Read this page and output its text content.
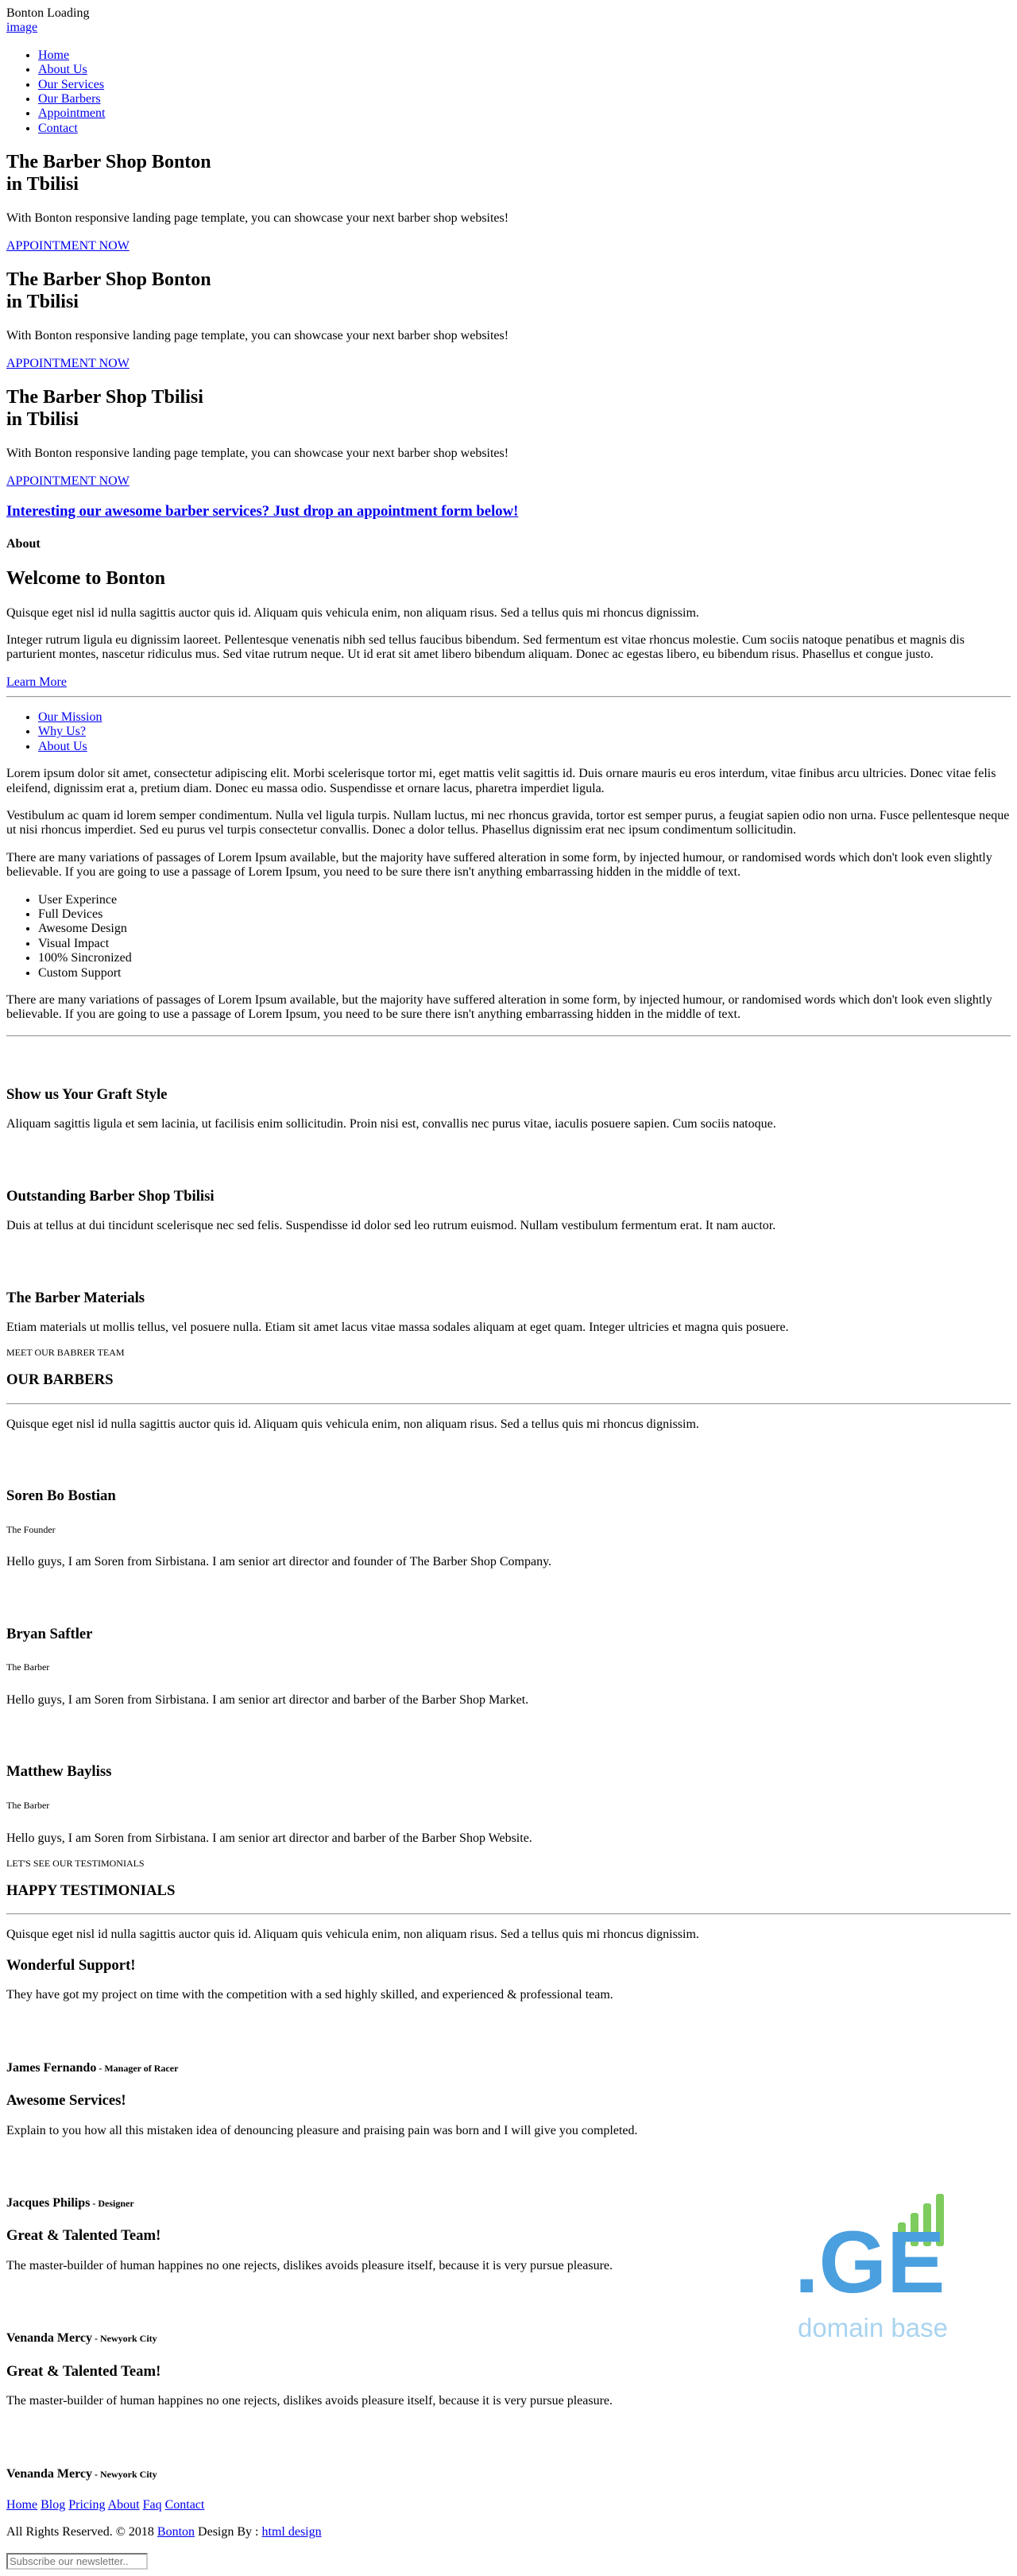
Bonton Loading
image
• Home
• About Us
• Our Services
• Our Barbers
• Appointment
• Contact
The Barber Shop Bonton
in Tbilisi

With Bonton responsive landing page template, you can showcase your next barber shop websites!

APPOINTMENT NOW
The Barber Shop Bonton
in Tbilisi

With Bonton responsive landing page template, you can showcase your next barber shop websites!

APPOINTMENT NOW
The Barber Shop Tbilisi
in Tbilisi

With Bonton responsive landing page template, you can showcase your next barber shop websites!

APPOINTMENT NOW
Interesting our awesome barber services? Just drop an appointment form below!
About
Welcome to Bonton

Quisque eget nisl id nulla sagittis auctor quis id. Aliquam quis vehicula enim, non aliquam risus. Sed a tellus quis mi rhoncus dignissim.

Integer rutrum ligula eu dignissim laoreet. Pellentesque venenatis nibh sed tellus faucibus bibendum. Sed fermentum est vitae rhoncus molestie. Cum sociis natoque penatibus et magnis dis parturient montes, nascetur ridiculus mus. Sed vitae rutrum neque. Ut id erat sit amet libero bibendum aliquam. Donec ac egestas libero, eu bibendum risus. Phasellus et congue justo.

Learn More
• Our Mission
• Why Us?
• About Us

Lorem ipsum dolor sit amet, consectetur adipiscing elit. Morbi scelerisque tortor mi, eget mattis velit sagittis id. Duis ornare mauris eu eros interdum, vitae finibus arcu ultricies. Donec vitae felis eleifend, dignissim erat a, pretium diam. Donec eu massa odio. Suspendisse et ornare lacus, pharetra imperdiet ligula.

Vestibulum ac quam id lorem semper condimentum. Nulla vel ligula turpis. Nullam luctus, mi nec rhoncus gravida, tortor est semper purus, a feugiat sapien odio non urna. Fusce pellentesque neque ut nisi rhoncus imperdiet. Sed eu purus vel turpis consectetur convallis. Donec a dolor tellus. Phasellus dignissim erat nec ipsum condimentum sollicitudin.

There are many variations of passages of Lorem Ipsum available, but the majority have suffered alteration in some form, by injected humour, or randomised words which don't look even slightly believable. If you are going to use a passage of Lorem Ipsum, you need to be sure there isn't anything embarrassing hidden in the middle of text.

• User Experince
• Full Devices
• Awesome Design
• Visual Impact
• 100% Sincronized
• Custom Support

There are many variations of passages of Lorem Ipsum available, but the majority have suffered alteration in some form, by injected humour, or randomised words which don't look even slightly believable. If you are going to use a passage of Lorem Ipsum, you need to be sure there isn't anything embarrassing hidden in the middle of text.

Show us Your Graft Style

Aliquam sagittis ligula et sem lacinia, ut facilisis enim sollicitudin. Proin nisi est, convallis nec purus vitae, iaculis posuere sapien. Cum sociis natoque.

Outstanding Barber Shop Tbilisi

Duis at tellus at dui tincidunt scelerisque nec sed felis. Suspendisse id dolor sed leo rutrum euismod. Nullam vestibulum fermentum erat. It nam auctor.

The Barber Materials

Etiam materials ut mollis tellus, vel posuere nulla. Etiam sit amet lacus vitae massa sodales aliquam at eget quam. Integer ultricies et magna quis posuere.

MEET OUR BABRER TEAM
OUR BARBERS

Quisque eget nisl id nulla sagittis auctor quis id. Aliquam quis vehicula enim, non aliquam risus. Sed a tellus quis mi rhoncus dignissim.

Soren Bo Bostian
The Founder

Hello guys, I am Soren from Sirbistana. I am senior art director and founder of The Barber Shop Company.

Bryan Saftler
The Barber

Hello guys, I am Soren from Sirbistana. I am senior art director and barber of the Barber Shop Market.

Matthew Bayliss
The Barber

Hello guys, I am Soren from Sirbistana. I am senior art director and barber of the Barber Shop Website.

LET'S SEE OUR TESTIMONIALS
HAPPY TESTIMONIALS

Quisque eget nisl id nulla sagittis auctor quis id. Aliquam quis vehicula enim, non aliquam risus. Sed a tellus quis mi rhoncus dignissim.

Wonderful Support!

They have got my project on time with the competition with a sed highly skilled, and experienced & professional team.

James Fernando - Manager of Racer
Awesome Services!

Explain to you how all this mistaken idea of denouncing pleasure and praising pain was born and I will give you completed.

Jacques Philips - Designer
Great & Talented Team!

The master-builder of human happines no one rejects, dislikes avoids pleasure itself, because it is very pursue pleasure.

Venanda Mercy - Newyork City
Great & Talented Team!

The master-builder of human happines no one rejects, dislikes avoids pleasure itself, because it is very pursue pleasure.

Venanda Mercy - Newyork City
Home Blog Pricing About Faq Contact

All Rights Reserved. © 2018 Bonton Design By : html design

Subscribe our newsletter..
.GE
domain base
